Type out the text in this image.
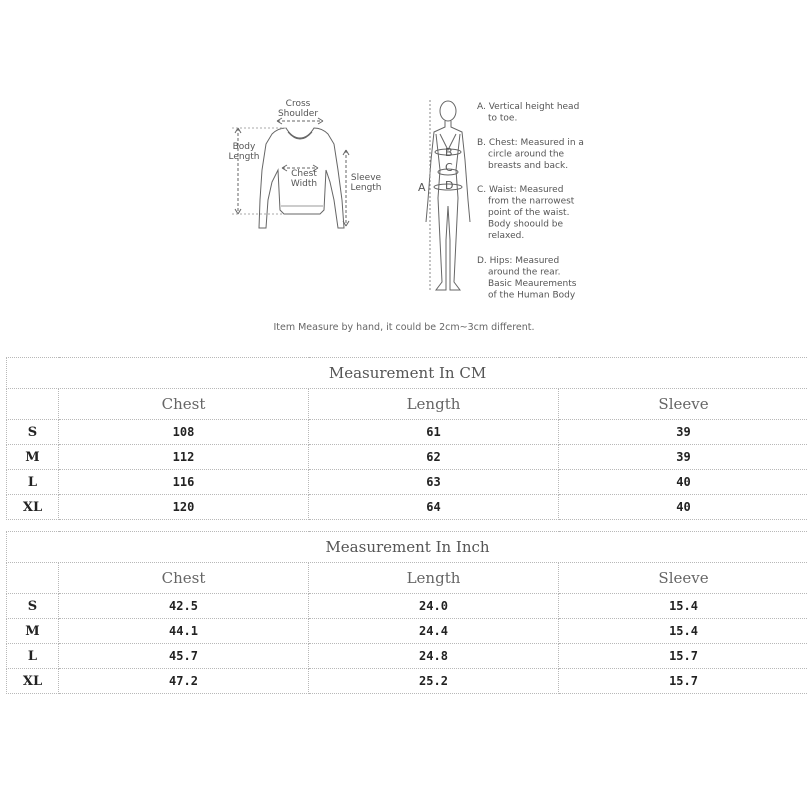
Cross Shoulder
Body Length
Chest Width
Sleeve Length	A
B
C
D
A. Vertical height head to toe.
B. Chest: Measured in a circle around the breasts and back.
C. Waist: Measured from the narrowest point of the waist. Body shoould be relaxed.
D. Hips: Measured around the rear. Basic Meaurements of the Human Body
Item Measure by hand, it could be 2cm~3cm different.
Measurement In CM			
	Chest	Length	Sleeve
S	108	61	39
M	112	62	39
L	116	63	40
XL	120	64	40
Measurement In Inch			
	Chest	Length	Sleeve
S	42.5	24.0	15.4
M	44.1	24.4	15.4
L	45.7	24.8	15.7
XL	47.2	25.2	15.7
